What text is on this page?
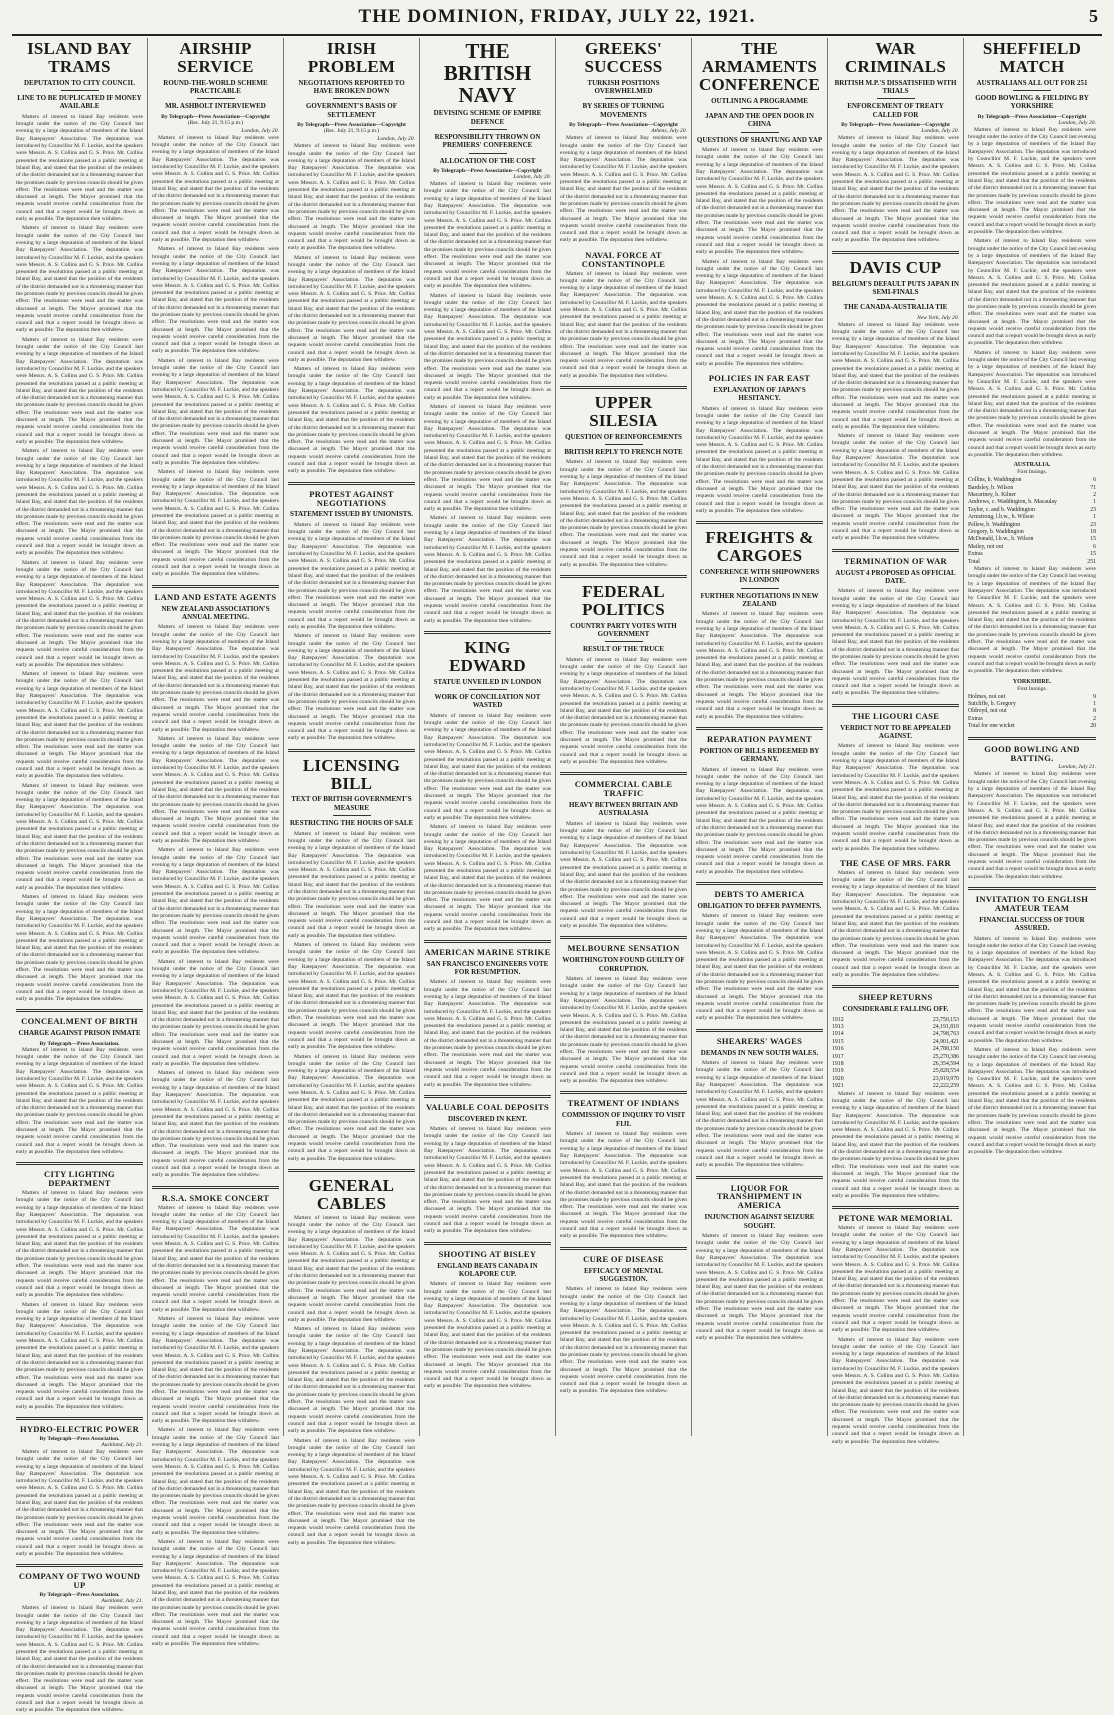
THE DOMINION, FRIDAY, JULY 22, 1921.	5
ISLAND BAY TRAMS
DEPUTATION TO CITY COUNCIL
LINE TO BE DUPLICATED IF MONEY AVAILABLE

Matters of interest to Island Bay residents were brought under the notice of the City Council last evening by a large deputation of members of the Island Bay Ratepayers' Association. The deputation was introduced by Councillor M. F. Luckie, and the speakers were Messrs. A. S. Collins and G. S. Price. Mr. Collins presented the resolutions passed at a public meeting at Island Bay, and stated that the position of the residents of the district demanded not in a threatening manner that the promises made by previous councils should be given effect. The resolutions were read and the matter was discussed at length. The Mayor promised that the requests would receive careful consideration from the council and that a report would be brought down as early as possible. The deputation then withdrew.

Matters of interest to Island Bay residents were brought under the notice of the City Council last evening by a large deputation of members of the Island Bay Ratepayers' Association. The deputation was introduced by Councillor M. F. Luckie, and the speakers were Messrs. A. S. Collins and G. S. Price. Mr. Collins presented the resolutions passed at a public meeting at Island Bay, and stated that the position of the residents of the district demanded not in a threatening manner that the promises made by previous councils should be given effect. The resolutions were read and the matter was discussed at length. The Mayor promised that the requests would receive careful consideration from the council and that a report would be brought down as early as possible. The deputation then withdrew.

Matters of interest to Island Bay residents were brought under the notice of the City Council last evening by a large deputation of members of the Island Bay Ratepayers' Association. The deputation was introduced by Councillor M. F. Luckie, and the speakers were Messrs. A. S. Collins and G. S. Price. Mr. Collins presented the resolutions passed at a public meeting at Island Bay, and stated that the position of the residents of the district demanded not in a threatening manner that the promises made by previous councils should be given effect. The resolutions were read and the matter was discussed at length. The Mayor promised that the requests would receive careful consideration from the council and that a report would be brought down as early as possible. The deputation then withdrew.

Matters of interest to Island Bay residents were brought under the notice of the City Council last evening by a large deputation of members of the Island Bay Ratepayers' Association. The deputation was introduced by Councillor M. F. Luckie, and the speakers were Messrs. A. S. Collins and G. S. Price. Mr. Collins presented the resolutions passed at a public meeting at Island Bay, and stated that the position of the residents of the district demanded not in a threatening manner that the promises made by previous councils should be given effect. The resolutions were read and the matter was discussed at length. The Mayor promised that the requests would receive careful consideration from the council and that a report would be brought down as early as possible. The deputation then withdrew.

Matters of interest to Island Bay residents were brought under the notice of the City Council last evening by a large deputation of members of the Island Bay Ratepayers' Association. The deputation was introduced by Councillor M. F. Luckie, and the speakers were Messrs. A. S. Collins and G. S. Price. Mr. Collins presented the resolutions passed at a public meeting at Island Bay, and stated that the position of the residents of the district demanded not in a threatening manner that the promises made by previous councils should be given effect. The resolutions were read and the matter was discussed at length. The Mayor promised that the requests would receive careful consideration from the council and that a report would be brought down as early as possible. The deputation then withdrew.

Matters of interest to Island Bay residents were brought under the notice of the City Council last evening by a large deputation of members of the Island Bay Ratepayers' Association. The deputation was introduced by Councillor M. F. Luckie, and the speakers were Messrs. A. S. Collins and G. S. Price. Mr. Collins presented the resolutions passed at a public meeting at Island Bay, and stated that the position of the residents of the district demanded not in a threatening manner that the promises made by previous councils should be given effect. The resolutions were read and the matter was discussed at length. The Mayor promised that the requests would receive careful consideration from the council and that a report would be brought down as early as possible. The deputation then withdrew.

Matters of interest to Island Bay residents were brought under the notice of the City Council last evening by a large deputation of members of the Island Bay Ratepayers' Association. The deputation was introduced by Councillor M. F. Luckie, and the speakers were Messrs. A. S. Collins and G. S. Price. Mr. Collins presented the resolutions passed at a public meeting at Island Bay, and stated that the position of the residents of the district demanded not in a threatening manner that the promises made by previous councils should be given effect. The resolutions were read and the matter was discussed at length. The Mayor promised that the requests would receive careful consideration from the council and that a report would be brought down as early as possible. The deputation then withdrew.

Matters of interest to Island Bay residents were brought under the notice of the City Council last evening by a large deputation of members of the Island Bay Ratepayers' Association. The deputation was introduced by Councillor M. F. Luckie, and the speakers were Messrs. A. S. Collins and G. S. Price. Mr. Collins presented the resolutions passed at a public meeting at Island Bay, and stated that the position of the residents of the district demanded not in a threatening manner that the promises made by previous councils should be given effect. The resolutions were read and the matter was discussed at length. The Mayor promised that the requests would receive careful consideration from the council and that a report would be brought down as early as possible. The deputation then withdrew.

CONCEALMENT OF BIRTH
CHARGE AGAINST PRISON INMATE
By Telegraph—Press Association.

Matters of interest to Island Bay residents were brought under the notice of the City Council last evening by a large deputation of members of the Island Bay Ratepayers' Association. The deputation was introduced by Councillor M. F. Luckie, and the speakers were Messrs. A. S. Collins and G. S. Price. Mr. Collins presented the resolutions passed at a public meeting at Island Bay, and stated that the position of the residents of the district demanded not in a threatening manner that the promises made by previous councils should be given effect. The resolutions were read and the matter was discussed at length. The Mayor promised that the requests would receive careful consideration from the council and that a report would be brought down as early as possible. The deputation then withdrew.

CITY LIGHTING DEPARTMENT

Matters of interest to Island Bay residents were brought under the notice of the City Council last evening by a large deputation of members of the Island Bay Ratepayers' Association. The deputation was introduced by Councillor M. F. Luckie, and the speakers were Messrs. A. S. Collins and G. S. Price. Mr. Collins presented the resolutions passed at a public meeting at Island Bay, and stated that the position of the residents of the district demanded not in a threatening manner that the promises made by previous councils should be given effect. The resolutions were read and the matter was discussed at length. The Mayor promised that the requests would receive careful consideration from the council and that a report would be brought down as early as possible. The deputation then withdrew.

Matters of interest to Island Bay residents were brought under the notice of the City Council last evening by a large deputation of members of the Island Bay Ratepayers' Association. The deputation was introduced by Councillor M. F. Luckie, and the speakers were Messrs. A. S. Collins and G. S. Price. Mr. Collins presented the resolutions passed at a public meeting at Island Bay, and stated that the position of the residents of the district demanded not in a threatening manner that the promises made by previous councils should be given effect. The resolutions were read and the matter was discussed at length. The Mayor promised that the requests would receive careful consideration from the council and that a report would be brought down as early as possible. The deputation then withdrew.

HYDRO-ELECTRIC POWER
By Telegraph—Press Association.
Auckland, July 21.

Matters of interest to Island Bay residents were brought under the notice of the City Council last evening by a large deputation of members of the Island Bay Ratepayers' Association. The deputation was introduced by Councillor M. F. Luckie, and the speakers were Messrs. A. S. Collins and G. S. Price. Mr. Collins presented the resolutions passed at a public meeting at Island Bay, and stated that the position of the residents of the district demanded not in a threatening manner that the promises made by previous councils should be given effect. The resolutions were read and the matter was discussed at length. The Mayor promised that the requests would receive careful consideration from the council and that a report would be brought down as early as possible. The deputation then withdrew.

COMPANY OF TWO WOUND UP
By Telegraph—Press Association.
Auckland, July 21.

Matters of interest to Island Bay residents were brought under the notice of the City Council last evening by a large deputation of members of the Island Bay Ratepayers' Association. The deputation was introduced by Councillor M. F. Luckie, and the speakers were Messrs. A. S. Collins and G. S. Price. Mr. Collins presented the resolutions passed at a public meeting at Island Bay, and stated that the position of the residents of the district demanded not in a threatening manner that the promises made by previous councils should be given effect. The resolutions were read and the matter was discussed at length. The Mayor promised that the requests would receive careful consideration from the council and that a report would be brought down as early as possible. The deputation then withdrew.

AIRSHIP SERVICE
ROUND-THE-WORLD SCHEME PRACTICABLE
MR. ASHBOLT INTERVIEWED
By Telegraph—Press Association—Copyright
(Rec. July 21, 9.15 p.m.)
London, July 20.

Matters of interest to Island Bay residents were brought under the notice of the City Council last evening by a large deputation of members of the Island Bay Ratepayers' Association. The deputation was introduced by Councillor M. F. Luckie, and the speakers were Messrs. A. S. Collins and G. S. Price. Mr. Collins presented the resolutions passed at a public meeting at Island Bay, and stated that the position of the residents of the district demanded not in a threatening manner that the promises made by previous councils should be given effect. The resolutions were read and the matter was discussed at length. The Mayor promised that the requests would receive careful consideration from the council and that a report would be brought down as early as possible. The deputation then withdrew.

Matters of interest to Island Bay residents were brought under the notice of the City Council last evening by a large deputation of members of the Island Bay Ratepayers' Association. The deputation was introduced by Councillor M. F. Luckie, and the speakers were Messrs. A. S. Collins and G. S. Price. Mr. Collins presented the resolutions passed at a public meeting at Island Bay, and stated that the position of the residents of the district demanded not in a threatening manner that the promises made by previous councils should be given effect. The resolutions were read and the matter was discussed at length. The Mayor promised that the requests would receive careful consideration from the council and that a report would be brought down as early as possible. The deputation then withdrew.

Matters of interest to Island Bay residents were brought under the notice of the City Council last evening by a large deputation of members of the Island Bay Ratepayers' Association. The deputation was introduced by Councillor M. F. Luckie, and the speakers were Messrs. A. S. Collins and G. S. Price. Mr. Collins presented the resolutions passed at a public meeting at Island Bay, and stated that the position of the residents of the district demanded not in a threatening manner that the promises made by previous councils should be given effect. The resolutions were read and the matter was discussed at length. The Mayor promised that the requests would receive careful consideration from the council and that a report would be brought down as early as possible. The deputation then withdrew.

Matters of interest to Island Bay residents were brought under the notice of the City Council last evening by a large deputation of members of the Island Bay Ratepayers' Association. The deputation was introduced by Councillor M. F. Luckie, and the speakers were Messrs. A. S. Collins and G. S. Price. Mr. Collins presented the resolutions passed at a public meeting at Island Bay, and stated that the position of the residents of the district demanded not in a threatening manner that the promises made by previous councils should be given effect. The resolutions were read and the matter was discussed at length. The Mayor promised that the requests would receive careful consideration from the council and that a report would be brought down as early as possible. The deputation then withdrew.

LAND AND ESTATE AGENTS
NEW ZEALAND ASSOCIATION'S ANNUAL MEETING.

Matters of interest to Island Bay residents were brought under the notice of the City Council last evening by a large deputation of members of the Island Bay Ratepayers' Association. The deputation was introduced by Councillor M. F. Luckie, and the speakers were Messrs. A. S. Collins and G. S. Price. Mr. Collins presented the resolutions passed at a public meeting at Island Bay, and stated that the position of the residents of the district demanded not in a threatening manner that the promises made by previous councils should be given effect. The resolutions were read and the matter was discussed at length. The Mayor promised that the requests would receive careful consideration from the council and that a report would be brought down as early as possible. The deputation then withdrew.

Matters of interest to Island Bay residents were brought under the notice of the City Council last evening by a large deputation of members of the Island Bay Ratepayers' Association. The deputation was introduced by Councillor M. F. Luckie, and the speakers were Messrs. A. S. Collins and G. S. Price. Mr. Collins presented the resolutions passed at a public meeting at Island Bay, and stated that the position of the residents of the district demanded not in a threatening manner that the promises made by previous councils should be given effect. The resolutions were read and the matter was discussed at length. The Mayor promised that the requests would receive careful consideration from the council and that a report would be brought down as early as possible. The deputation then withdrew.

Matters of interest to Island Bay residents were brought under the notice of the City Council last evening by a large deputation of members of the Island Bay Ratepayers' Association. The deputation was introduced by Councillor M. F. Luckie, and the speakers were Messrs. A. S. Collins and G. S. Price. Mr. Collins presented the resolutions passed at a public meeting at Island Bay, and stated that the position of the residents of the district demanded not in a threatening manner that the promises made by previous councils should be given effect. The resolutions were read and the matter was discussed at length. The Mayor promised that the requests would receive careful consideration from the council and that a report would be brought down as early as possible. The deputation then withdrew.

Matters of interest to Island Bay residents were brought under the notice of the City Council last evening by a large deputation of members of the Island Bay Ratepayers' Association. The deputation was introduced by Councillor M. F. Luckie, and the speakers were Messrs. A. S. Collins and G. S. Price. Mr. Collins presented the resolutions passed at a public meeting at Island Bay, and stated that the position of the residents of the district demanded not in a threatening manner that the promises made by previous councils should be given effect. The resolutions were read and the matter was discussed at length. The Mayor promised that the requests would receive careful consideration from the council and that a report would be brought down as early as possible. The deputation then withdrew.

Matters of interest to Island Bay residents were brought under the notice of the City Council last evening by a large deputation of members of the Island Bay Ratepayers' Association. The deputation was introduced by Councillor M. F. Luckie, and the speakers were Messrs. A. S. Collins and G. S. Price. Mr. Collins presented the resolutions passed at a public meeting at Island Bay, and stated that the position of the residents of the district demanded not in a threatening manner that the promises made by previous councils should be given effect. The resolutions were read and the matter was discussed at length. The Mayor promised that the requests would receive careful consideration from the council and that a report would be brought down as early as possible. The deputation then withdrew.

R.S.A. SMOKE CONCERT

Matters of interest to Island Bay residents were brought under the notice of the City Council last evening by a large deputation of members of the Island Bay Ratepayers' Association. The deputation was introduced by Councillor M. F. Luckie, and the speakers were Messrs. A. S. Collins and G. S. Price. Mr. Collins presented the resolutions passed at a public meeting at Island Bay, and stated that the position of the residents of the district demanded not in a threatening manner that the promises made by previous councils should be given effect. The resolutions were read and the matter was discussed at length. The Mayor promised that the requests would receive careful consideration from the council and that a report would be brought down as early as possible. The deputation then withdrew.

Matters of interest to Island Bay residents were brought under the notice of the City Council last evening by a large deputation of members of the Island Bay Ratepayers' Association. The deputation was introduced by Councillor M. F. Luckie, and the speakers were Messrs. A. S. Collins and G. S. Price. Mr. Collins presented the resolutions passed at a public meeting at Island Bay, and stated that the position of the residents of the district demanded not in a threatening manner that the promises made by previous councils should be given effect. The resolutions were read and the matter was discussed at length. The Mayor promised that the requests would receive careful consideration from the council and that a report would be brought down as early as possible. The deputation then withdrew.

Matters of interest to Island Bay residents were brought under the notice of the City Council last evening by a large deputation of members of the Island Bay Ratepayers' Association. The deputation was introduced by Councillor M. F. Luckie, and the speakers were Messrs. A. S. Collins and G. S. Price. Mr. Collins presented the resolutions passed at a public meeting at Island Bay, and stated that the position of the residents of the district demanded not in a threatening manner that the promises made by previous councils should be given effect. The resolutions were read and the matter was discussed at length. The Mayor promised that the requests would receive careful consideration from the council and that a report would be brought down as early as possible. The deputation then withdrew.

Matters of interest to Island Bay residents were brought under the notice of the City Council last evening by a large deputation of members of the Island Bay Ratepayers' Association. The deputation was introduced by Councillor M. F. Luckie, and the speakers were Messrs. A. S. Collins and G. S. Price. Mr. Collins presented the resolutions passed at a public meeting at Island Bay, and stated that the position of the residents of the district demanded not in a threatening manner that the promises made by previous councils should be given effect. The resolutions were read and the matter was discussed at length. The Mayor promised that the requests would receive careful consideration from the council and that a report would be brought down as early as possible. The deputation then withdrew.

IRISH PROBLEM
NEGOTIATIONS REPORTED TO HAVE BROKEN DOWN
GOVERNMENT'S BASIS OF SETTLEMENT
By Telegraph—Press Association—Copyright
(Rec. July 21, 9.15 p.m.)
London, July 20.

Matters of interest to Island Bay residents were brought under the notice of the City Council last evening by a large deputation of members of the Island Bay Ratepayers' Association. The deputation was introduced by Councillor M. F. Luckie, and the speakers were Messrs. A. S. Collins and G. S. Price. Mr. Collins presented the resolutions passed at a public meeting at Island Bay, and stated that the position of the residents of the district demanded not in a threatening manner that the promises made by previous councils should be given effect. The resolutions were read and the matter was discussed at length. The Mayor promised that the requests would receive careful consideration from the council and that a report would be brought down as early as possible. The deputation then withdrew.

Matters of interest to Island Bay residents were brought under the notice of the City Council last evening by a large deputation of members of the Island Bay Ratepayers' Association. The deputation was introduced by Councillor M. F. Luckie, and the speakers were Messrs. A. S. Collins and G. S. Price. Mr. Collins presented the resolutions passed at a public meeting at Island Bay, and stated that the position of the residents of the district demanded not in a threatening manner that the promises made by previous councils should be given effect. The resolutions were read and the matter was discussed at length. The Mayor promised that the requests would receive careful consideration from the council and that a report would be brought down as early as possible. The deputation then withdrew.

Matters of interest to Island Bay residents were brought under the notice of the City Council last evening by a large deputation of members of the Island Bay Ratepayers' Association. The deputation was introduced by Councillor M. F. Luckie, and the speakers were Messrs. A. S. Collins and G. S. Price. Mr. Collins presented the resolutions passed at a public meeting at Island Bay, and stated that the position of the residents of the district demanded not in a threatening manner that the promises made by previous councils should be given effect. The resolutions were read and the matter was discussed at length. The Mayor promised that the requests would receive careful consideration from the council and that a report would be brought down as early as possible. The deputation then withdrew.

PROTEST AGAINST NEGOTIATIONS
STATEMENT ISSUED BY UNIONISTS.

Matters of interest to Island Bay residents were brought under the notice of the City Council last evening by a large deputation of members of the Island Bay Ratepayers' Association. The deputation was introduced by Councillor M. F. Luckie, and the speakers were Messrs. A. S. Collins and G. S. Price. Mr. Collins presented the resolutions passed at a public meeting at Island Bay, and stated that the position of the residents of the district demanded not in a threatening manner that the promises made by previous councils should be given effect. The resolutions were read and the matter was discussed at length. The Mayor promised that the requests would receive careful consideration from the council and that a report would be brought down as early as possible. The deputation then withdrew.

Matters of interest to Island Bay residents were brought under the notice of the City Council last evening by a large deputation of members of the Island Bay Ratepayers' Association. The deputation was introduced by Councillor M. F. Luckie, and the speakers were Messrs. A. S. Collins and G. S. Price. Mr. Collins presented the resolutions passed at a public meeting at Island Bay, and stated that the position of the residents of the district demanded not in a threatening manner that the promises made by previous councils should be given effect. The resolutions were read and the matter was discussed at length. The Mayor promised that the requests would receive careful consideration from the council and that a report would be brought down as early as possible. The deputation then withdrew.

LICENSING BILL
TEXT OF BRITISH GOVERNMENT'S MEASURE
RESTRICTING THE HOURS OF SALE

Matters of interest to Island Bay residents were brought under the notice of the City Council last evening by a large deputation of members of the Island Bay Ratepayers' Association. The deputation was introduced by Councillor M. F. Luckie, and the speakers were Messrs. A. S. Collins and G. S. Price. Mr. Collins presented the resolutions passed at a public meeting at Island Bay, and stated that the position of the residents of the district demanded not in a threatening manner that the promises made by previous councils should be given effect. The resolutions were read and the matter was discussed at length. The Mayor promised that the requests would receive careful consideration from the council and that a report would be brought down as early as possible. The deputation then withdrew.

Matters of interest to Island Bay residents were brought under the notice of the City Council last evening by a large deputation of members of the Island Bay Ratepayers' Association. The deputation was introduced by Councillor M. F. Luckie, and the speakers were Messrs. A. S. Collins and G. S. Price. Mr. Collins presented the resolutions passed at a public meeting at Island Bay, and stated that the position of the residents of the district demanded not in a threatening manner that the promises made by previous councils should be given effect. The resolutions were read and the matter was discussed at length. The Mayor promised that the requests would receive careful consideration from the council and that a report would be brought down as early as possible. The deputation then withdrew.

Matters of interest to Island Bay residents were brought under the notice of the City Council last evening by a large deputation of members of the Island Bay Ratepayers' Association. The deputation was introduced by Councillor M. F. Luckie, and the speakers were Messrs. A. S. Collins and G. S. Price. Mr. Collins presented the resolutions passed at a public meeting at Island Bay, and stated that the position of the residents of the district demanded not in a threatening manner that the promises made by previous councils should be given effect. The resolutions were read and the matter was discussed at length. The Mayor promised that the requests would receive careful consideration from the council and that a report would be brought down as early as possible. The deputation then withdrew.

GENERAL CABLES

Matters of interest to Island Bay residents were brought under the notice of the City Council last evening by a large deputation of members of the Island Bay Ratepayers' Association. The deputation was introduced by Councillor M. F. Luckie, and the speakers were Messrs. A. S. Collins and G. S. Price. Mr. Collins presented the resolutions passed at a public meeting at Island Bay, and stated that the position of the residents of the district demanded not in a threatening manner that the promises made by previous councils should be given effect. The resolutions were read and the matter was discussed at length. The Mayor promised that the requests would receive careful consideration from the council and that a report would be brought down as early as possible. The deputation then withdrew.

Matters of interest to Island Bay residents were brought under the notice of the City Council last evening by a large deputation of members of the Island Bay Ratepayers' Association. The deputation was introduced by Councillor M. F. Luckie, and the speakers were Messrs. A. S. Collins and G. S. Price. Mr. Collins presented the resolutions passed at a public meeting at Island Bay, and stated that the position of the residents of the district demanded not in a threatening manner that the promises made by previous councils should be given effect. The resolutions were read and the matter was discussed at length. The Mayor promised that the requests would receive careful consideration from the council and that a report would be brought down as early as possible. The deputation then withdrew.

Matters of interest to Island Bay residents were brought under the notice of the City Council last evening by a large deputation of members of the Island Bay Ratepayers' Association. The deputation was introduced by Councillor M. F. Luckie, and the speakers were Messrs. A. S. Collins and G. S. Price. Mr. Collins presented the resolutions passed at a public meeting at Island Bay, and stated that the position of the residents of the district demanded not in a threatening manner that the promises made by previous councils should be given effect. The resolutions were read and the matter was discussed at length. The Mayor promised that the requests would receive careful consideration from the council and that a report would be brought down as early as possible. The deputation then withdrew.

THE BRITISH NAVY
DEVISING SCHEME OF EMPIRE DEFENCE
RESPONSIBILITY THROWN ON PREMIERS' CONFERENCE
ALLOCATION OF THE COST
By Telegraph—Press Association—Copyright
London, July 20.

Matters of interest to Island Bay residents were brought under the notice of the City Council last evening by a large deputation of members of the Island Bay Ratepayers' Association. The deputation was introduced by Councillor M. F. Luckie, and the speakers were Messrs. A. S. Collins and G. S. Price. Mr. Collins presented the resolutions passed at a public meeting at Island Bay, and stated that the position of the residents of the district demanded not in a threatening manner that the promises made by previous councils should be given effect. The resolutions were read and the matter was discussed at length. The Mayor promised that the requests would receive careful consideration from the council and that a report would be brought down as early as possible. The deputation then withdrew.

Matters of interest to Island Bay residents were brought under the notice of the City Council last evening by a large deputation of members of the Island Bay Ratepayers' Association. The deputation was introduced by Councillor M. F. Luckie, and the speakers were Messrs. A. S. Collins and G. S. Price. Mr. Collins presented the resolutions passed at a public meeting at Island Bay, and stated that the position of the residents of the district demanded not in a threatening manner that the promises made by previous councils should be given effect. The resolutions were read and the matter was discussed at length. The Mayor promised that the requests would receive careful consideration from the council and that a report would be brought down as early as possible. The deputation then withdrew.

Matters of interest to Island Bay residents were brought under the notice of the City Council last evening by a large deputation of members of the Island Bay Ratepayers' Association. The deputation was introduced by Councillor M. F. Luckie, and the speakers were Messrs. A. S. Collins and G. S. Price. Mr. Collins presented the resolutions passed at a public meeting at Island Bay, and stated that the position of the residents of the district demanded not in a threatening manner that the promises made by previous councils should be given effect. The resolutions were read and the matter was discussed at length. The Mayor promised that the requests would receive careful consideration from the council and that a report would be brought down as early as possible. The deputation then withdrew.

Matters of interest to Island Bay residents were brought under the notice of the City Council last evening by a large deputation of members of the Island Bay Ratepayers' Association. The deputation was introduced by Councillor M. F. Luckie, and the speakers were Messrs. A. S. Collins and G. S. Price. Mr. Collins presented the resolutions passed at a public meeting at Island Bay, and stated that the position of the residents of the district demanded not in a threatening manner that the promises made by previous councils should be given effect. The resolutions were read and the matter was discussed at length. The Mayor promised that the requests would receive careful consideration from the council and that a report would be brought down as early as possible. The deputation then withdrew.

KING EDWARD
STATUE UNVEILED IN LONDON
WORK OF CONCILIATION NOT WASTED

Matters of interest to Island Bay residents were brought under the notice of the City Council last evening by a large deputation of members of the Island Bay Ratepayers' Association. The deputation was introduced by Councillor M. F. Luckie, and the speakers were Messrs. A. S. Collins and G. S. Price. Mr. Collins presented the resolutions passed at a public meeting at Island Bay, and stated that the position of the residents of the district demanded not in a threatening manner that the promises made by previous councils should be given effect. The resolutions were read and the matter was discussed at length. The Mayor promised that the requests would receive careful consideration from the council and that a report would be brought down as early as possible. The deputation then withdrew.

Matters of interest to Island Bay residents were brought under the notice of the City Council last evening by a large deputation of members of the Island Bay Ratepayers' Association. The deputation was introduced by Councillor M. F. Luckie, and the speakers were Messrs. A. S. Collins and G. S. Price. Mr. Collins presented the resolutions passed at a public meeting at Island Bay, and stated that the position of the residents of the district demanded not in a threatening manner that the promises made by previous councils should be given effect. The resolutions were read and the matter was discussed at length. The Mayor promised that the requests would receive careful consideration from the council and that a report would be brought down as early as possible. The deputation then withdrew.

AMERICAN MARINE STRIKE
SAN FRANCISCO ENGINEERS VOTE FOR RESUMPTION.

Matters of interest to Island Bay residents were brought under the notice of the City Council last evening by a large deputation of members of the Island Bay Ratepayers' Association. The deputation was introduced by Councillor M. F. Luckie, and the speakers were Messrs. A. S. Collins and G. S. Price. Mr. Collins presented the resolutions passed at a public meeting at Island Bay, and stated that the position of the residents of the district demanded not in a threatening manner that the promises made by previous councils should be given effect. The resolutions were read and the matter was discussed at length. The Mayor promised that the requests would receive careful consideration from the council and that a report would be brought down as early as possible. The deputation then withdrew.

VALUABLE COAL DEPOSITS
DISCOVERED IN KENT.

Matters of interest to Island Bay residents were brought under the notice of the City Council last evening by a large deputation of members of the Island Bay Ratepayers' Association. The deputation was introduced by Councillor M. F. Luckie, and the speakers were Messrs. A. S. Collins and G. S. Price. Mr. Collins presented the resolutions passed at a public meeting at Island Bay, and stated that the position of the residents of the district demanded not in a threatening manner that the promises made by previous councils should be given effect. The resolutions were read and the matter was discussed at length. The Mayor promised that the requests would receive careful consideration from the council and that a report would be brought down as early as possible. The deputation then withdrew.

SHOOTING AT BISLEY
ENGLAND BEATS CANADA IN KOLAPORE CUP.

Matters of interest to Island Bay residents were brought under the notice of the City Council last evening by a large deputation of members of the Island Bay Ratepayers' Association. The deputation was introduced by Councillor M. F. Luckie, and the speakers were Messrs. A. S. Collins and G. S. Price. Mr. Collins presented the resolutions passed at a public meeting at Island Bay, and stated that the position of the residents of the district demanded not in a threatening manner that the promises made by previous councils should be given effect. The resolutions were read and the matter was discussed at length. The Mayor promised that the requests would receive careful consideration from the council and that a report would be brought down as early as possible. The deputation then withdrew.

GREEKS' SUCCESS
TURKISH POSITIONS OVERWHELMED
BY SERIES OF TURNING MOVEMENTS
By Telegraph—Press Association—Copyright
Athens, July 20.

Matters of interest to Island Bay residents were brought under the notice of the City Council last evening by a large deputation of members of the Island Bay Ratepayers' Association. The deputation was introduced by Councillor M. F. Luckie, and the speakers were Messrs. A. S. Collins and G. S. Price. Mr. Collins presented the resolutions passed at a public meeting at Island Bay, and stated that the position of the residents of the district demanded not in a threatening manner that the promises made by previous councils should be given effect. The resolutions were read and the matter was discussed at length. The Mayor promised that the requests would receive careful consideration from the council and that a report would be brought down as early as possible. The deputation then withdrew.

NAVAL FORCE AT CONSTANTINOPLE

Matters of interest to Island Bay residents were brought under the notice of the City Council last evening by a large deputation of members of the Island Bay Ratepayers' Association. The deputation was introduced by Councillor M. F. Luckie, and the speakers were Messrs. A. S. Collins and G. S. Price. Mr. Collins presented the resolutions passed at a public meeting at Island Bay, and stated that the position of the residents of the district demanded not in a threatening manner that the promises made by previous councils should be given effect. The resolutions were read and the matter was discussed at length. The Mayor promised that the requests would receive careful consideration from the council and that a report would be brought down as early as possible. The deputation then withdrew.

UPPER SILESIA
QUESTION OF REINFORCEMENTS
BRITISH REPLY TO FRENCH NOTE

Matters of interest to Island Bay residents were brought under the notice of the City Council last evening by a large deputation of members of the Island Bay Ratepayers' Association. The deputation was introduced by Councillor M. F. Luckie, and the speakers were Messrs. A. S. Collins and G. S. Price. Mr. Collins presented the resolutions passed at a public meeting at Island Bay, and stated that the position of the residents of the district demanded not in a threatening manner that the promises made by previous councils should be given effect. The resolutions were read and the matter was discussed at length. The Mayor promised that the requests would receive careful consideration from the council and that a report would be brought down as early as possible. The deputation then withdrew.

FEDERAL POLITICS
COUNTRY PARTY VOTES WITH GOVERNMENT
RESULT OF THE TRUCE

Matters of interest to Island Bay residents were brought under the notice of the City Council last evening by a large deputation of members of the Island Bay Ratepayers' Association. The deputation was introduced by Councillor M. F. Luckie, and the speakers were Messrs. A. S. Collins and G. S. Price. Mr. Collins presented the resolutions passed at a public meeting at Island Bay, and stated that the position of the residents of the district demanded not in a threatening manner that the promises made by previous councils should be given effect. The resolutions were read and the matter was discussed at length. The Mayor promised that the requests would receive careful consideration from the council and that a report would be brought down as early as possible. The deputation then withdrew.

COMMERCIAL CABLE TRAFFIC
HEAVY BETWEEN BRITAIN AND AUSTRALASIA

Matters of interest to Island Bay residents were brought under the notice of the City Council last evening by a large deputation of members of the Island Bay Ratepayers' Association. The deputation was introduced by Councillor M. F. Luckie, and the speakers were Messrs. A. S. Collins and G. S. Price. Mr. Collins presented the resolutions passed at a public meeting at Island Bay, and stated that the position of the residents of the district demanded not in a threatening manner that the promises made by previous councils should be given effect. The resolutions were read and the matter was discussed at length. The Mayor promised that the requests would receive careful consideration from the council and that a report would be brought down as early as possible. The deputation then withdrew.

MELBOURNE SENSATION
WORTHINGTON FOUND GUILTY OF CORRUPTION.

Matters of interest to Island Bay residents were brought under the notice of the City Council last evening by a large deputation of members of the Island Bay Ratepayers' Association. The deputation was introduced by Councillor M. F. Luckie, and the speakers were Messrs. A. S. Collins and G. S. Price. Mr. Collins presented the resolutions passed at a public meeting at Island Bay, and stated that the position of the residents of the district demanded not in a threatening manner that the promises made by previous councils should be given effect. The resolutions were read and the matter was discussed at length. The Mayor promised that the requests would receive careful consideration from the council and that a report would be brought down as early as possible. The deputation then withdrew.

TREATMENT OF INDIANS
COMMISSION OF INQUIRY TO VISIT FIJI.

Matters of interest to Island Bay residents were brought under the notice of the City Council last evening by a large deputation of members of the Island Bay Ratepayers' Association. The deputation was introduced by Councillor M. F. Luckie, and the speakers were Messrs. A. S. Collins and G. S. Price. Mr. Collins presented the resolutions passed at a public meeting at Island Bay, and stated that the position of the residents of the district demanded not in a threatening manner that the promises made by previous councils should be given effect. The resolutions were read and the matter was discussed at length. The Mayor promised that the requests would receive careful consideration from the council and that a report would be brought down as early as possible. The deputation then withdrew.

CURE OF DISEASE
EFFICACY OF MENTAL SUGGESTION.

Matters of interest to Island Bay residents were brought under the notice of the City Council last evening by a large deputation of members of the Island Bay Ratepayers' Association. The deputation was introduced by Councillor M. F. Luckie, and the speakers were Messrs. A. S. Collins and G. S. Price. Mr. Collins presented the resolutions passed at a public meeting at Island Bay, and stated that the position of the residents of the district demanded not in a threatening manner that the promises made by previous councils should be given effect. The resolutions were read and the matter was discussed at length. The Mayor promised that the requests would receive careful consideration from the council and that a report would be brought down as early as possible. The deputation then withdrew.

THE ARMAMENTS CONFERENCE
OUTLINING A PROGRAMME
JAPAN AND THE OPEN DOOR IN CHINA
QUESTIONS OF SHANTUNG AND YAP

Matters of interest to Island Bay residents were brought under the notice of the City Council last evening by a large deputation of members of the Island Bay Ratepayers' Association. The deputation was introduced by Councillor M. F. Luckie, and the speakers were Messrs. A. S. Collins and G. S. Price. Mr. Collins presented the resolutions passed at a public meeting at Island Bay, and stated that the position of the residents of the district demanded not in a threatening manner that the promises made by previous councils should be given effect. The resolutions were read and the matter was discussed at length. The Mayor promised that the requests would receive careful consideration from the council and that a report would be brought down as early as possible. The deputation then withdrew.

Matters of interest to Island Bay residents were brought under the notice of the City Council last evening by a large deputation of members of the Island Bay Ratepayers' Association. The deputation was introduced by Councillor M. F. Luckie, and the speakers were Messrs. A. S. Collins and G. S. Price. Mr. Collins presented the resolutions passed at a public meeting at Island Bay, and stated that the position of the residents of the district demanded not in a threatening manner that the promises made by previous councils should be given effect. The resolutions were read and the matter was discussed at length. The Mayor promised that the requests would receive careful consideration from the council and that a report would be brought down as early as possible. The deputation then withdrew.

POLICIES IN FAR EAST
EXPLANATION OF JAPAN'S HESITANCY.

Matters of interest to Island Bay residents were brought under the notice of the City Council last evening by a large deputation of members of the Island Bay Ratepayers' Association. The deputation was introduced by Councillor M. F. Luckie, and the speakers were Messrs. A. S. Collins and G. S. Price. Mr. Collins presented the resolutions passed at a public meeting at Island Bay, and stated that the position of the residents of the district demanded not in a threatening manner that the promises made by previous councils should be given effect. The resolutions were read and the matter was discussed at length. The Mayor promised that the requests would receive careful consideration from the council and that a report would be brought down as early as possible. The deputation then withdrew.

FREIGHTS & CARGOES
CONFERENCE WITH SHIPOWNERS IN LONDON
FURTHER NEGOTIATIONS IN NEW ZEALAND

Matters of interest to Island Bay residents were brought under the notice of the City Council last evening by a large deputation of members of the Island Bay Ratepayers' Association. The deputation was introduced by Councillor M. F. Luckie, and the speakers were Messrs. A. S. Collins and G. S. Price. Mr. Collins presented the resolutions passed at a public meeting at Island Bay, and stated that the position of the residents of the district demanded not in a threatening manner that the promises made by previous councils should be given effect. The resolutions were read and the matter was discussed at length. The Mayor promised that the requests would receive careful consideration from the council and that a report would be brought down as early as possible. The deputation then withdrew.

REPARATION PAYMENT
PORTION OF BILLS REDEEMED BY GERMANY.

Matters of interest to Island Bay residents were brought under the notice of the City Council last evening by a large deputation of members of the Island Bay Ratepayers' Association. The deputation was introduced by Councillor M. F. Luckie, and the speakers were Messrs. A. S. Collins and G. S. Price. Mr. Collins presented the resolutions passed at a public meeting at Island Bay, and stated that the position of the residents of the district demanded not in a threatening manner that the promises made by previous councils should be given effect. The resolutions were read and the matter was discussed at length. The Mayor promised that the requests would receive careful consideration from the council and that a report would be brought down as early as possible. The deputation then withdrew.

DEBTS TO AMERICA
OBLIGATION TO DEFER PAYMENTS.

Matters of interest to Island Bay residents were brought under the notice of the City Council last evening by a large deputation of members of the Island Bay Ratepayers' Association. The deputation was introduced by Councillor M. F. Luckie, and the speakers were Messrs. A. S. Collins and G. S. Price. Mr. Collins presented the resolutions passed at a public meeting at Island Bay, and stated that the position of the residents of the district demanded not in a threatening manner that the promises made by previous councils should be given effect. The resolutions were read and the matter was discussed at length. The Mayor promised that the requests would receive careful consideration from the council and that a report would be brought down as early as possible. The deputation then withdrew.

SHEARERS' WAGES
DEMANDS IN NEW SOUTH WALES.

Matters of interest to Island Bay residents were brought under the notice of the City Council last evening by a large deputation of members of the Island Bay Ratepayers' Association. The deputation was introduced by Councillor M. F. Luckie, and the speakers were Messrs. A. S. Collins and G. S. Price. Mr. Collins presented the resolutions passed at a public meeting at Island Bay, and stated that the position of the residents of the district demanded not in a threatening manner that the promises made by previous councils should be given effect. The resolutions were read and the matter was discussed at length. The Mayor promised that the requests would receive careful consideration from the council and that a report would be brought down as early as possible. The deputation then withdrew.

LIQUOR FOR TRANSHIPMENT IN AMERICA
INJUNCTION AGAINST SEIZURE SOUGHT.

Matters of interest to Island Bay residents were brought under the notice of the City Council last evening by a large deputation of members of the Island Bay Ratepayers' Association. The deputation was introduced by Councillor M. F. Luckie, and the speakers were Messrs. A. S. Collins and G. S. Price. Mr. Collins presented the resolutions passed at a public meeting at Island Bay, and stated that the position of the residents of the district demanded not in a threatening manner that the promises made by previous councils should be given effect. The resolutions were read and the matter was discussed at length. The Mayor promised that the requests would receive careful consideration from the council and that a report would be brought down as early as possible. The deputation then withdrew.

WAR CRIMINALS
BRITISH M.P.'S DISSATISFIED WITH TRIALS
ENFORCEMENT OF TREATY CALLED FOR
By Telegraph—Press Association—Copyright
London, July 20.

Matters of interest to Island Bay residents were brought under the notice of the City Council last evening by a large deputation of members of the Island Bay Ratepayers' Association. The deputation was introduced by Councillor M. F. Luckie, and the speakers were Messrs. A. S. Collins and G. S. Price. Mr. Collins presented the resolutions passed at a public meeting at Island Bay, and stated that the position of the residents of the district demanded not in a threatening manner that the promises made by previous councils should be given effect. The resolutions were read and the matter was discussed at length. The Mayor promised that the requests would receive careful consideration from the council and that a report would be brought down as early as possible. The deputation then withdrew.

DAVIS CUP
BELGIUM'S DEFAULT PUTS JAPAN IN SEMI-FINALS
THE CANADA-AUSTRALIA TIE
New York, July 20.

Matters of interest to Island Bay residents were brought under the notice of the City Council last evening by a large deputation of members of the Island Bay Ratepayers' Association. The deputation was introduced by Councillor M. F. Luckie, and the speakers were Messrs. A. S. Collins and G. S. Price. Mr. Collins presented the resolutions passed at a public meeting at Island Bay, and stated that the position of the residents of the district demanded not in a threatening manner that the promises made by previous councils should be given effect. The resolutions were read and the matter was discussed at length. The Mayor promised that the requests would receive careful consideration from the council and that a report would be brought down as early as possible. The deputation then withdrew.

Matters of interest to Island Bay residents were brought under the notice of the City Council last evening by a large deputation of members of the Island Bay Ratepayers' Association. The deputation was introduced by Councillor M. F. Luckie, and the speakers were Messrs. A. S. Collins and G. S. Price. Mr. Collins presented the resolutions passed at a public meeting at Island Bay, and stated that the position of the residents of the district demanded not in a threatening manner that the promises made by previous councils should be given effect. The resolutions were read and the matter was discussed at length. The Mayor promised that the requests would receive careful consideration from the council and that a report would be brought down as early as possible. The deputation then withdrew.

TERMINATION OF WAR
AUGUST 4 PROPOSED AS OFFICIAL DATE.

Matters of interest to Island Bay residents were brought under the notice of the City Council last evening by a large deputation of members of the Island Bay Ratepayers' Association. The deputation was introduced by Councillor M. F. Luckie, and the speakers were Messrs. A. S. Collins and G. S. Price. Mr. Collins presented the resolutions passed at a public meeting at Island Bay, and stated that the position of the residents of the district demanded not in a threatening manner that the promises made by previous councils should be given effect. The resolutions were read and the matter was discussed at length. The Mayor promised that the requests would receive careful consideration from the council and that a report would be brought down as early as possible. The deputation then withdrew.

THE LIGOURI CASE
VERDICT NOT TO BE APPEALED AGAINST.

Matters of interest to Island Bay residents were brought under the notice of the City Council last evening by a large deputation of members of the Island Bay Ratepayers' Association. The deputation was introduced by Councillor M. F. Luckie, and the speakers were Messrs. A. S. Collins and G. S. Price. Mr. Collins presented the resolutions passed at a public meeting at Island Bay, and stated that the position of the residents of the district demanded not in a threatening manner that the promises made by previous councils should be given effect. The resolutions were read and the matter was discussed at length. The Mayor promised that the requests would receive careful consideration from the council and that a report would be brought down as early as possible. The deputation then withdrew.

THE CASE OF MRS. FARR

Matters of interest to Island Bay residents were brought under the notice of the City Council last evening by a large deputation of members of the Island Bay Ratepayers' Association. The deputation was introduced by Councillor M. F. Luckie, and the speakers were Messrs. A. S. Collins and G. S. Price. Mr. Collins presented the resolutions passed at a public meeting at Island Bay, and stated that the position of the residents of the district demanded not in a threatening manner that the promises made by previous councils should be given effect. The resolutions were read and the matter was discussed at length. The Mayor promised that the requests would receive careful consideration from the council and that a report would be brought down as early as possible. The deputation then withdrew.

SHEEP RETURNS
CONSIDERABLE FALLING OFF.
1912	23,750,153
1913	24,191,810
1914	24,798,763
1915	24,901,421
1916	24,788,150
1917	25,270,386
1918	26,354,594
1919	25,828,554
1920	23,919,970
1921	22,222,259

Matters of interest to Island Bay residents were brought under the notice of the City Council last evening by a large deputation of members of the Island Bay Ratepayers' Association. The deputation was introduced by Councillor M. F. Luckie, and the speakers were Messrs. A. S. Collins and G. S. Price. Mr. Collins presented the resolutions passed at a public meeting at Island Bay, and stated that the position of the residents of the district demanded not in a threatening manner that the promises made by previous councils should be given effect. The resolutions were read and the matter was discussed at length. The Mayor promised that the requests would receive careful consideration from the council and that a report would be brought down as early as possible. The deputation then withdrew.

PETONE WAR MEMORIAL

Matters of interest to Island Bay residents were brought under the notice of the City Council last evening by a large deputation of members of the Island Bay Ratepayers' Association. The deputation was introduced by Councillor M. F. Luckie, and the speakers were Messrs. A. S. Collins and G. S. Price. Mr. Collins presented the resolutions passed at a public meeting at Island Bay, and stated that the position of the residents of the district demanded not in a threatening manner that the promises made by previous councils should be given effect. The resolutions were read and the matter was discussed at length. The Mayor promised that the requests would receive careful consideration from the council and that a report would be brought down as early as possible. The deputation then withdrew.

Matters of interest to Island Bay residents were brought under the notice of the City Council last evening by a large deputation of members of the Island Bay Ratepayers' Association. The deputation was introduced by Councillor M. F. Luckie, and the speakers were Messrs. A. S. Collins and G. S. Price. Mr. Collins presented the resolutions passed at a public meeting at Island Bay, and stated that the position of the residents of the district demanded not in a threatening manner that the promises made by previous councils should be given effect. The resolutions were read and the matter was discussed at length. The Mayor promised that the requests would receive careful consideration from the council and that a report would be brought down as early as possible. The deputation then withdrew.

SHEFFIELD MATCH
AUSTRALIANS ALL OUT FOR 251
GOOD BOWLING & FIELDING BY YORKSHIRE
By Telegraph—Press Association—Copyright
London, July 20.

Matters of interest to Island Bay residents were brought under the notice of the City Council last evening by a large deputation of members of the Island Bay Ratepayers' Association. The deputation was introduced by Councillor M. F. Luckie, and the speakers were Messrs. A. S. Collins and G. S. Price. Mr. Collins presented the resolutions passed at a public meeting at Island Bay, and stated that the position of the residents of the district demanded not in a threatening manner that the promises made by previous councils should be given effect. The resolutions were read and the matter was discussed at length. The Mayor promised that the requests would receive careful consideration from the council and that a report would be brought down as early as possible. The deputation then withdrew.

Matters of interest to Island Bay residents were brought under the notice of the City Council last evening by a large deputation of members of the Island Bay Ratepayers' Association. The deputation was introduced by Councillor M. F. Luckie, and the speakers were Messrs. A. S. Collins and G. S. Price. Mr. Collins presented the resolutions passed at a public meeting at Island Bay, and stated that the position of the residents of the district demanded not in a threatening manner that the promises made by previous councils should be given effect. The resolutions were read and the matter was discussed at length. The Mayor promised that the requests would receive careful consideration from the council and that a report would be brought down as early as possible. The deputation then withdrew.

Matters of interest to Island Bay residents were brought under the notice of the City Council last evening by a large deputation of members of the Island Bay Ratepayers' Association. The deputation was introduced by Councillor M. F. Luckie, and the speakers were Messrs. A. S. Collins and G. S. Price. Mr. Collins presented the resolutions passed at a public meeting at Island Bay, and stated that the position of the residents of the district demanded not in a threatening manner that the promises made by previous councils should be given effect. The resolutions were read and the matter was discussed at length. The Mayor promised that the requests would receive careful consideration from the council and that a report would be brought down as early as possible. The deputation then withdrew.

AUSTRALIA.
First Innings.
Collins, b. Waddington	6
Bardsley, b. Wilson	71
Macartney, b. Kilner	2
Andrews, c. Waddington, b. Macaulay	1
Taylor, c. and b. Waddington	23
Armstrong, l.b.w., b. Wilson	1
Pellew, b. Waddington	23
Gregory, b. Waddington	18
McDonald, l.b.w., b. Wilson	15
Mailey, not out	6
Extras	15
Total	251

Matters of interest to Island Bay residents were brought under the notice of the City Council last evening by a large deputation of members of the Island Bay Ratepayers' Association. The deputation was introduced by Councillor M. F. Luckie, and the speakers were Messrs. A. S. Collins and G. S. Price. Mr. Collins presented the resolutions passed at a public meeting at Island Bay, and stated that the position of the residents of the district demanded not in a threatening manner that the promises made by previous councils should be given effect. The resolutions were read and the matter was discussed at length. The Mayor promised that the requests would receive careful consideration from the council and that a report would be brought down as early as possible. The deputation then withdrew.

YORKSHIRE.
First Innings.
Holmes, not out	9
Sutcliffe, b. Gregory	1
Oldroyd, not out	8
Extras	2
Total for one wicket	20
GOOD BOWLING AND BATTING.
London, July 21.

Matters of interest to Island Bay residents were brought under the notice of the City Council last evening by a large deputation of members of the Island Bay Ratepayers' Association. The deputation was introduced by Councillor M. F. Luckie, and the speakers were Messrs. A. S. Collins and G. S. Price. Mr. Collins presented the resolutions passed at a public meeting at Island Bay, and stated that the position of the residents of the district demanded not in a threatening manner that the promises made by previous councils should be given effect. The resolutions were read and the matter was discussed at length. The Mayor promised that the requests would receive careful consideration from the council and that a report would be brought down as early as possible. The deputation then withdrew.

INVITATION TO ENGLISH AMATEUR TEAM
FINANCIAL SUCCESS OF TOUR ASSURED.

Matters of interest to Island Bay residents were brought under the notice of the City Council last evening by a large deputation of members of the Island Bay Ratepayers' Association. The deputation was introduced by Councillor M. F. Luckie, and the speakers were Messrs. A. S. Collins and G. S. Price. Mr. Collins presented the resolutions passed at a public meeting at Island Bay, and stated that the position of the residents of the district demanded not in a threatening manner that the promises made by previous councils should be given effect. The resolutions were read and the matter was discussed at length. The Mayor promised that the requests would receive careful consideration from the council and that a report would be brought down as early as possible. The deputation then withdrew.

Matters of interest to Island Bay residents were brought under the notice of the City Council last evening by a large deputation of members of the Island Bay Ratepayers' Association. The deputation was introduced by Councillor M. F. Luckie, and the speakers were Messrs. A. S. Collins and G. S. Price. Mr. Collins presented the resolutions passed at a public meeting at Island Bay, and stated that the position of the residents of the district demanded not in a threatening manner that the promises made by previous councils should be given effect. The resolutions were read and the matter was discussed at length. The Mayor promised that the requests would receive careful consideration from the council and that a report would be brought down as early as possible. The deputation then withdrew.
